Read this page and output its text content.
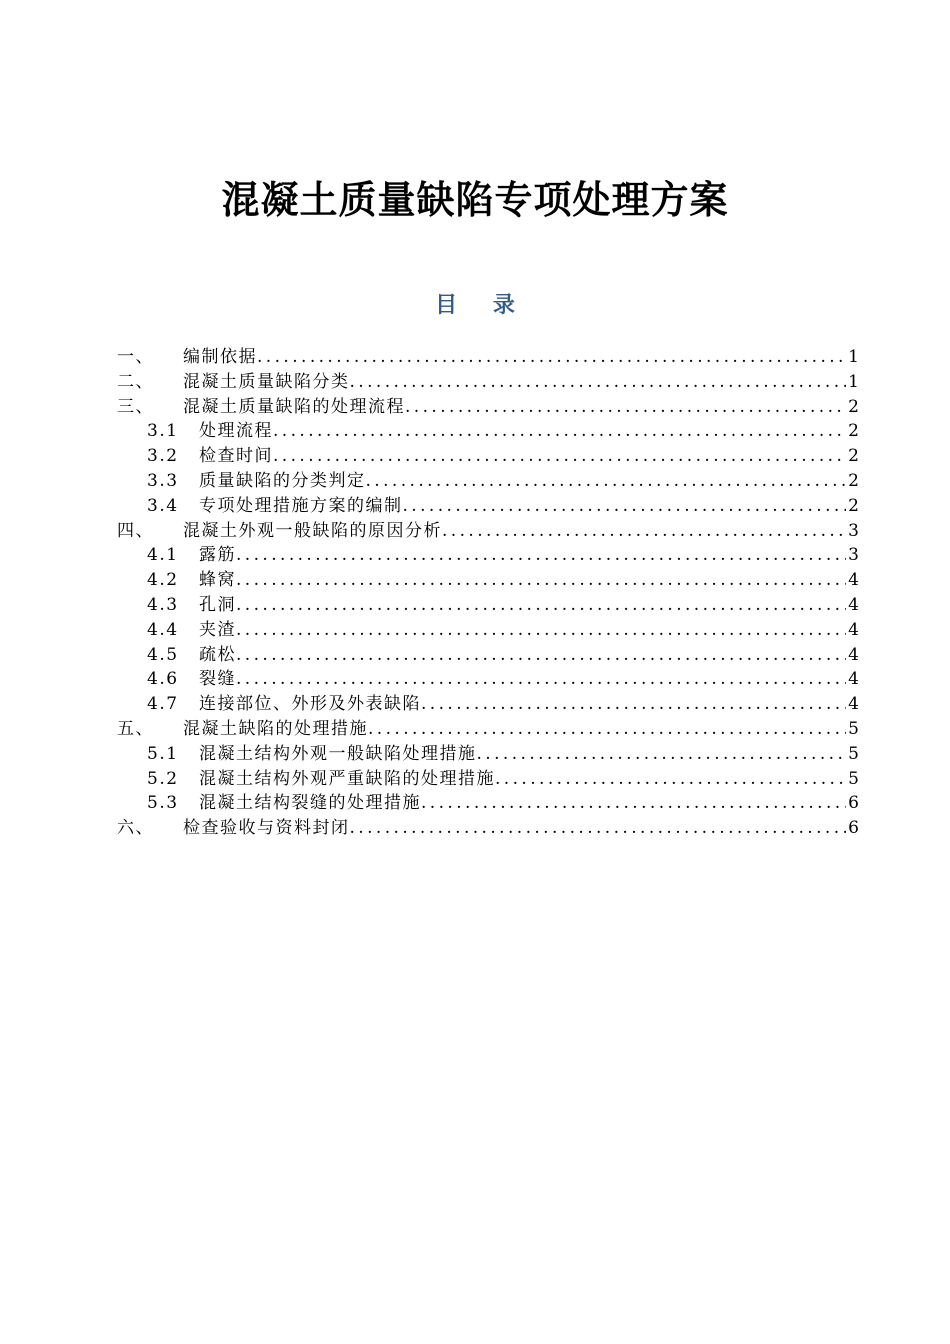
混凝土质量缺陷专项处理方案
目 录
一、	编制依据 .....	1
二、	混凝土质量缺陷分类 .....	1
三、	混凝土质量缺陷的处理流程 .....	2
3.1	处理流程 .....	2
3.2	检查时间 .....	2
3.3	质量缺陷的分类判定 .....	2
3.4	专项处理措施方案的编制 .....	2
四、	混凝土外观一般缺陷的原因分析 .....	3
4.1	露筋 .....	3
4.2	蜂窝 .....	4
4.3	孔洞 .....	4
4.4	夹渣 .....	4
4.5	疏松 .....	4
4.6	裂缝 .....	4
4.7	连接部位、外形及外表缺陷 .....	4
五、	混凝土缺陷的处理措施 .....	5
5.1	混凝土结构外观一般缺陷处理措施 .....	5
5.2	混凝土结构外观严重缺陷的处理措施 .....	5
5.3	混凝土结构裂缝的处理措施 .....	6
六、	检查验收与资料封闭 .....	6
